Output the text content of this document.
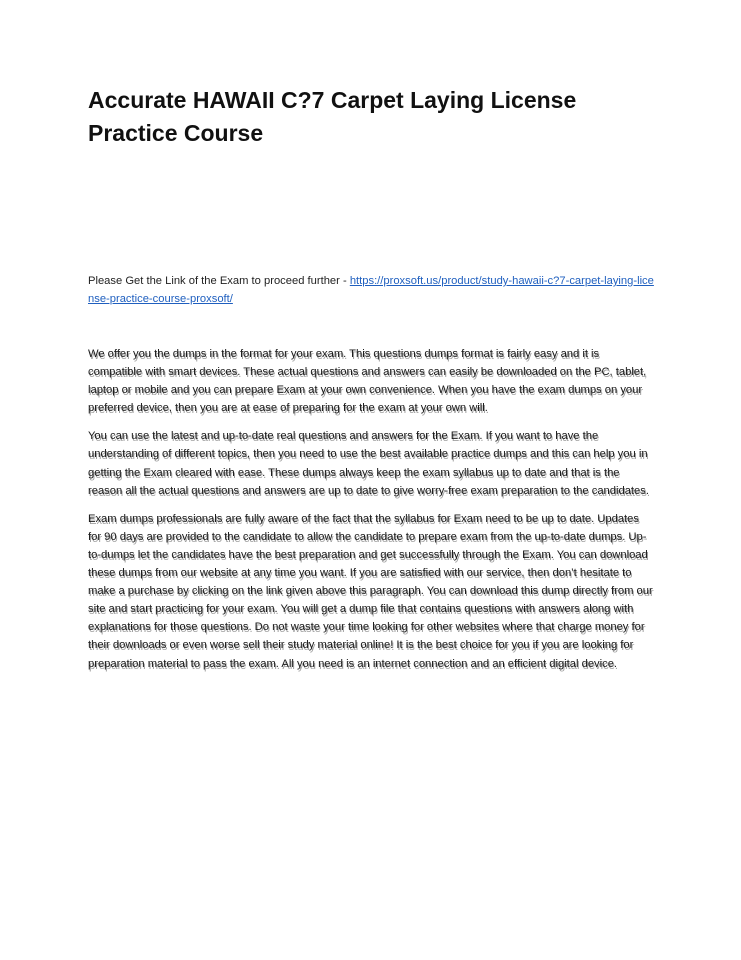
Accurate HAWAII C?7 Carpet Laying License Practice Course

Please Get the Link of the Exam to proceed further - https://proxsoft.us/product/study-hawaii-c?7-carpet-laying-license-practice-course-proxsoft/

We offer you the dumps in the format for your exam. This questions dumps format is fairly easy and it is compatible with smart devices. These actual questions and answers can easily be downloaded on the PC, tablet, laptop or mobile and you can prepare Exam at your own convenience. When you have the exam dumps on your preferred device, then you are at ease of preparing for the exam at your own will.

You can use the latest and up-to-date real questions and answers for the Exam. If you want to have the understanding of different topics, then you need to use the best available practice dumps and this can help you in getting the Exam cleared with ease. These dumps always keep the exam syllabus up to date and that is the reason all the actual questions and answers are up to date to give worry-free exam preparation to the candidates.

Exam dumps professionals are fully aware of the fact that the syllabus for Exam need to be up to date. Updates for 90 days are provided to the candidate to allow the candidate to prepare exam from the up-to-date dumps. Up-to-dumps let the candidates have the best preparation and get successfully through the Exam. You can download these dumps from our website at any time you want. If you are satisfied with our service, then don’t hesitate to make a purchase by clicking on the link given above this paragraph. You can download this dump directly from our site and start practicing for your exam. You will get a dump file that contains questions with answers along with explanations for those questions. Do not waste your time looking for other websites where that charge money for their downloads or even worse sell their study material online! It is the best choice for you if you are looking for preparation material to pass the exam. All you need is an internet connection and an efficient digital device.
